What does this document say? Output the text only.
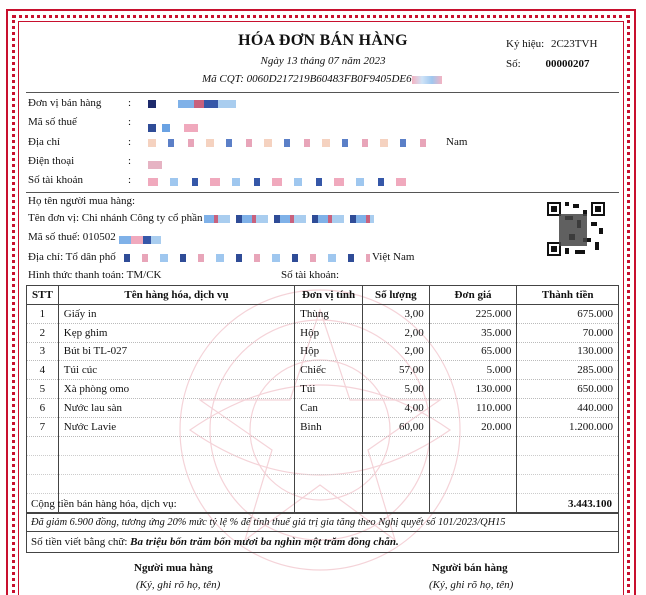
HÓA ĐƠN BÁN HÀNG
Ngày 13 tháng 07 năm 2023
Mã CQT: 0060D217219B60483FB0F9405DE6
Ký hiệu: 2C23TVH
Số: 00000207
Đơn vị bán hàng :
Mã số thuế	:
Địa chỉ	:	Nam
Điện thoại	:
Số tài khoản	:
Họ tên người mua hàng:
Tên đơn vị: Chi nhánh Công ty cổ phần
Mã số thuế: 010502
Địa chỉ: Tổ dân phố	Việt Nam
Hình thức thanh toán: TM/CK	Số tài khoản:
STT	Tên hàng hóa, dịch vụ	Đơn vị tính	Số lượng	Đơn giá	Thành tiền
1	Giấy in	Thùng	3,00	225.000	675.000
2	Kẹp ghim	Hộp	2,00	35.000	70.000
3	Bút bi TL-027	Hộp	2,00	65.000	130.000
4	Túi cúc	Chiếc	57,00	5.000	285.000
5	Xà phòng omo	Túi	5,00	130.000	650.000
6	Nước lau sàn	Can	4,00	110.000	440.000
7	Nước Lavie	Bình	60,00	20.000	1.200.000

Cộng tiền bán hàng hóa, dịch vụ:	3.443.100
Đã giảm 6.900 đồng, tương ứng 20% mức tỷ lệ % để tính thuế giá trị gia tăng theo Nghị quyết số 101/2023/QH15
Số tiền viết bằng chữ: Ba triệu bốn trăm bốn mươi ba nghìn một trăm đồng chẵn.
Người mua hàng
(Ký, ghi rõ họ, tên)
Người bán hàng
(Ký, ghi rõ họ, tên)
